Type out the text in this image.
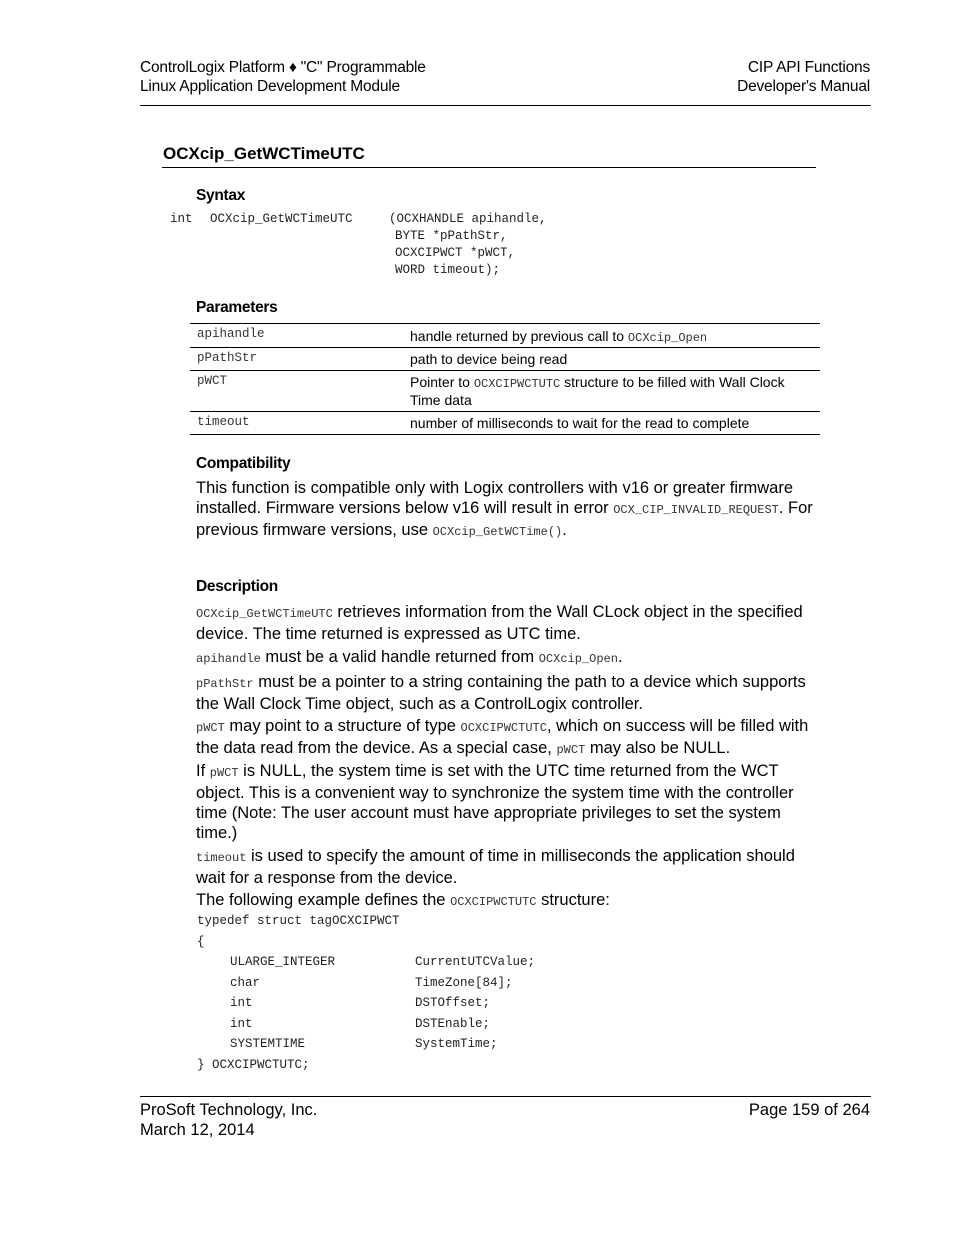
ControlLogix Platform ♦ "C" Programmable
Linux Application Development Module
CIP API Functions
Developer's Manual
OCXcip_GetWCTimeUTC
Syntax
int OCXcip_GetWCTimeUTC	(OCXHANDLE apihandle,
BYTE *pPathStr,
OCXCIPWCT *pWCT,
WORD timeout);
Parameters
apihandle	handle returned by previous call to OCXcip_Open
pPathStr	path to device being read
pWCT	Pointer to OCXCIPWCTUTC structure to be filled with Wall Clock Time data
timeout	number of milliseconds to wait for the read to complete
Compatibility
This function is compatible only with Logix controllers with v16 or greater firmware installed. Firmware versions below v16 will result in error OCX_CIP_INVALID_REQUEST. For previous firmware versions, use OCXcip_GetWCTime().
Description
OCXcip_GetWCTimeUTC retrieves information from the Wall CLock object in the specified device. The time returned is expressed as UTC time.
apihandle must be a valid handle returned from OCXcip_Open.
pPathStr must be a pointer to a string containing the path to a device which supports the Wall Clock Time object, such as a ControlLogix controller.
pWCT may point to a structure of type OCXCIPWCTUTC, which on success will be filled with the data read from the device. As a special case, pWCT may also be NULL.
If pWCT is NULL, the system time is set with the UTC time returned from the WCT object. This is a convenient way to synchronize the system time with the controller time (Note: The user account must have appropriate privileges to set the system time.)
timeout is used to specify the amount of time in milliseconds the application should wait for a response from the device.
The following example defines the OCXCIPWCTUTC structure:
typedef struct tagOCXCIPWCT
{
ULARGE_INTEGER	CurrentUTCValue;
char	TimeZone[84];
int	DSTOffset;
int	DSTEnable;
SYSTEMTIME	SystemTime;
} OCXCIPWCTUTC;
ProSoft Technology, Inc.
March 12, 2014
Page 159 of 264
